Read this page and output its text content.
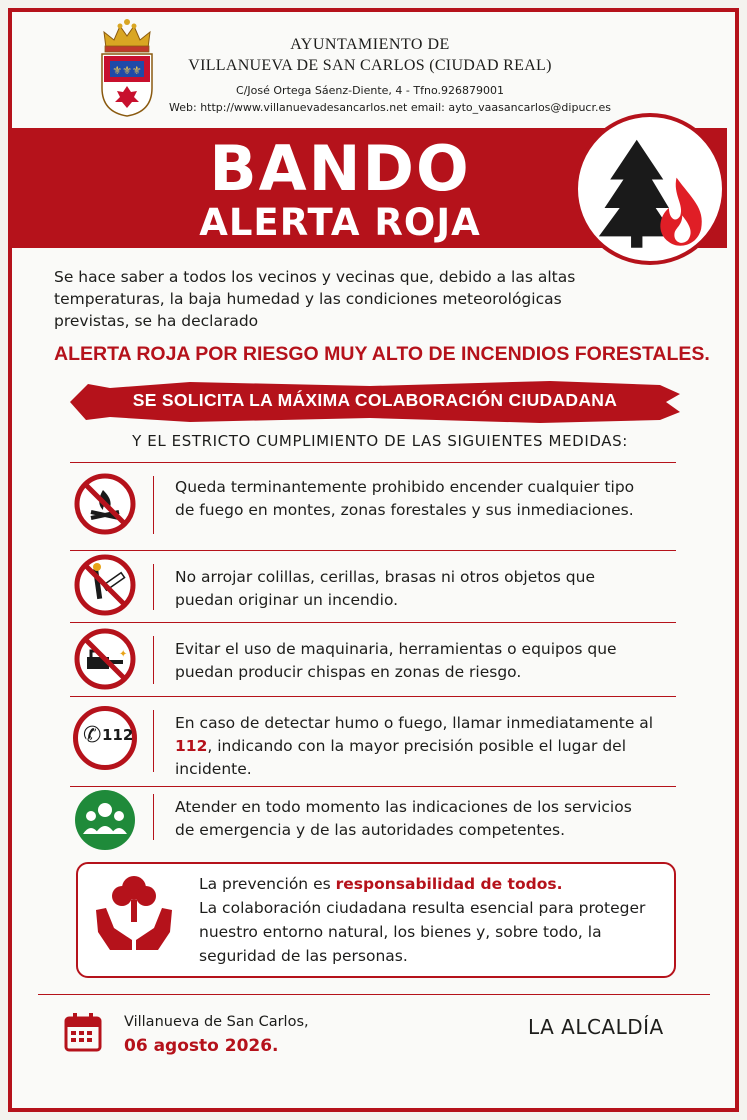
⚜⚜⚜
AYUNTAMIENTO DE
VILLANUEVA DE SAN CARLOS (CIUDAD REAL)
C/José Ortega Sáenz-Diente, 4 - Tfno.926879001
Web: http://www.villanuevadesancarlos.net email: ayto_vaasancarlos@dipucr.es
BANDO
ALERTA ROJA
Se hace saber a todos los vecinos y vecinas que, debido a las altas temperaturas, la baja humedad y las condiciones meteorológicas previstas, se ha declarado
ALERTA ROJA POR RIESGO MUY ALTO DE INCENDIOS FORESTALES.
SE SOLICITA LA MÁXIMA COLABORACIÓN CIUDADANA
Y EL ESTRICTO CUMPLIMIENTO DE LAS SIGUIENTES MEDIDAS:
Queda terminantemente prohibido encender cualquier tipo de fuego en montes, zonas forestales y sus inmediaciones.
No arrojar colillas, cerillas, brasas ni otros objetos que puedan originar un incendio.
✦	Evitar el uso de maquinaria, herramientas o equipos que puedan producir chispas en zonas de riesgo.
✆ 112
En caso de detectar humo o fuego, llamar inmediatamente al 112, indicando con la mayor precisión posible el lugar del incidente.
Atender en todo momento las indicaciones de los servicios de emergencia y de las autoridades competentes.
La prevención es responsabilidad de todos.
La colaboración ciudadana resulta esencial para proteger nuestro entorno natural, los bienes y, sobre todo, la seguridad de las personas.
Villanueva de San Carlos,
06 agosto 2026.
LA ALCALDÍA
